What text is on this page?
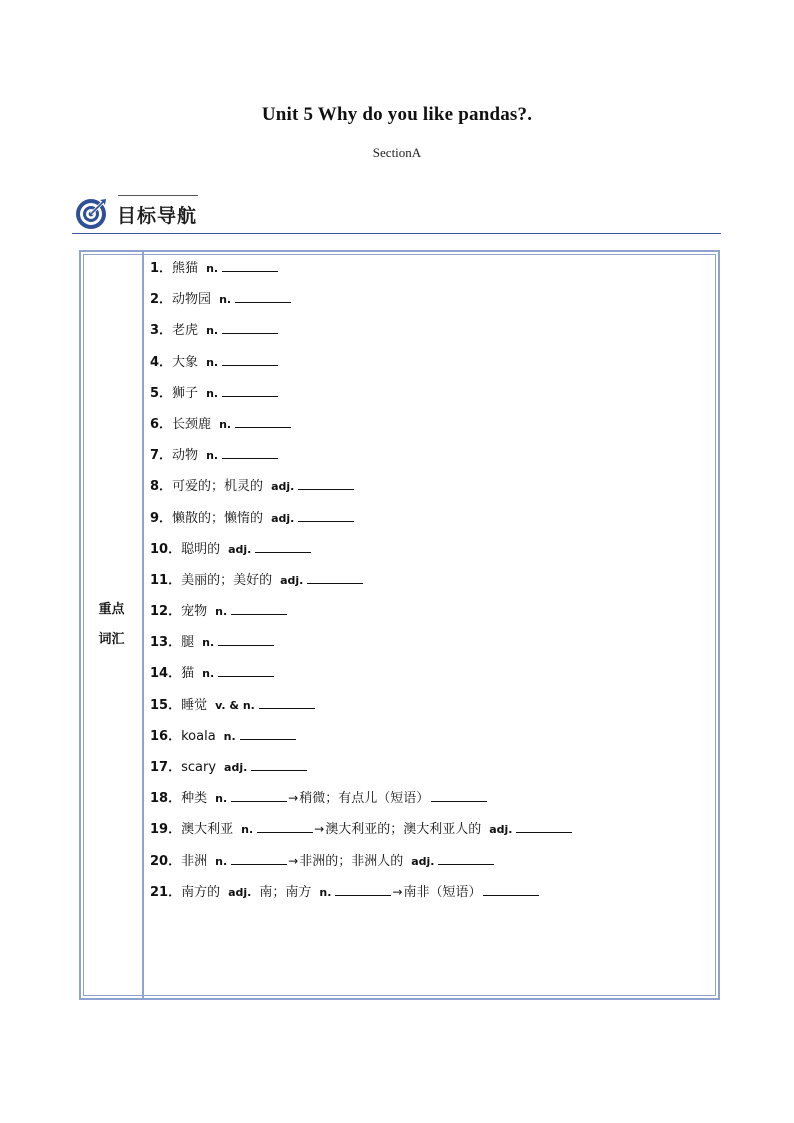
Unit 5 Why do you like pandas?.
SectionA
目标导航
重点
词汇
1．熊猫 n.
2．动物园 n.
3．老虎 n.
4．大象 n.
5．狮子 n.
6．长颈鹿 n.
7．动物 n.
8．可爱的；机灵的 adj.
9．懒散的；懒惰的 adj.
10．聪明的 adj.
11．美丽的；美好的 adj.
12．宠物 n.
13．腿 n.
14．猫 n.
15．睡觉 v. & n.
16．koala n.
17．scary adj.
18．种类 n.	→稍微；有点儿（短语）
19．澳大利亚 n.	→澳大利亚的；澳大利亚人的 adj.
20．非洲 n.	→非洲的；非洲人的 adj.
21．南方的 adj. 南；南方 n.	→南非（短语）
